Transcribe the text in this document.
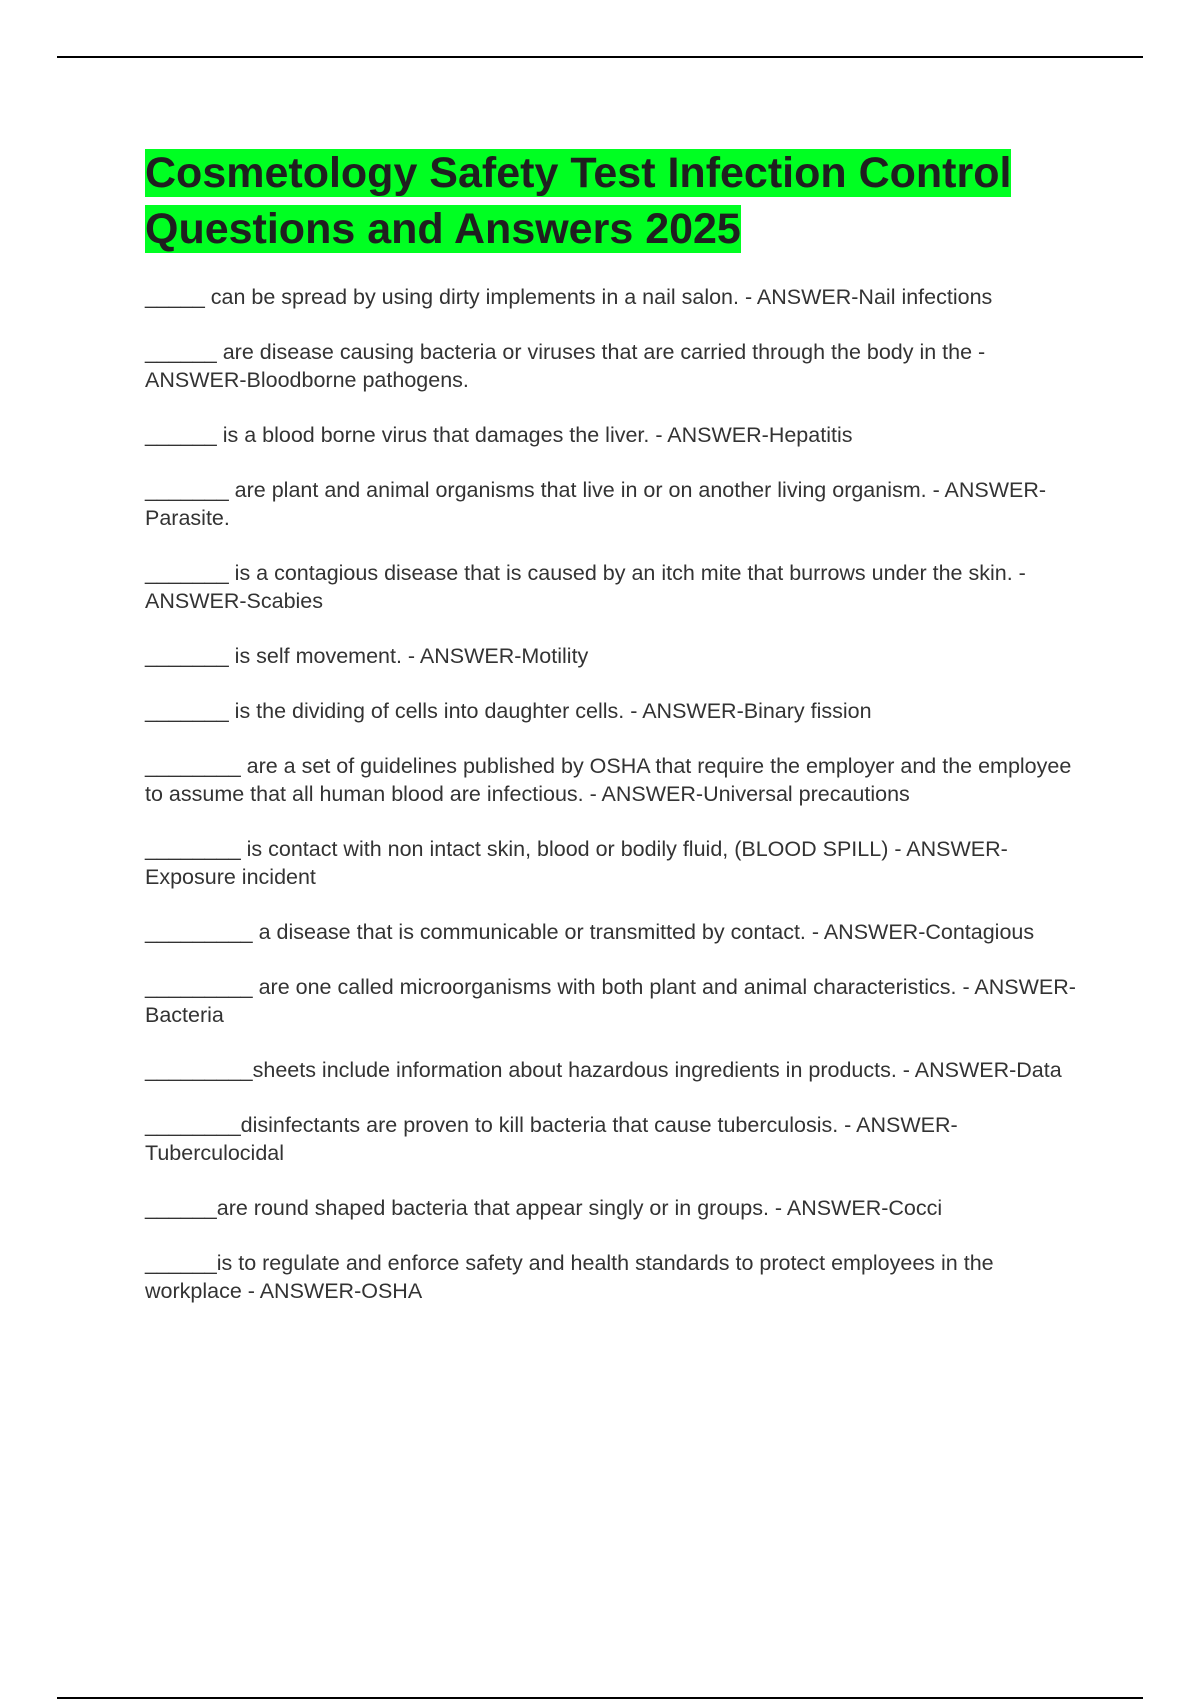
Cosmetology Safety Test Infection Control Questions and Answers 2025

_____ can be spread by using dirty implements in a nail salon. - ANSWER-Nail infections

______ are disease causing bacteria or viruses that are carried through the body in the - ANSWER-Bloodborne pathogens.

______ is a blood borne virus that damages the liver. - ANSWER-Hepatitis

_______ are plant and animal organisms that live in or on another living organism. - ANSWER-Parasite.

_______ is a contagious disease that is caused by an itch mite that burrows under the skin. - ANSWER-Scabies

_______ is self movement. - ANSWER-Motility

_______ is the dividing of cells into daughter cells. - ANSWER-Binary fission

________ are a set of guidelines published by OSHA that require the employer and the employee to assume that all human blood are infectious. - ANSWER-Universal precautions

________ is contact with non intact skin, blood or bodily fluid, (BLOOD SPILL) - ANSWER-Exposure incident

_________ a disease that is communicable or transmitted by contact. - ANSWER-Contagious

_________ are one called microorganisms with both plant and animal characteristics. - ANSWER-Bacteria

_________sheets include information about hazardous ingredients in products. - ANSWER-Data

________disinfectants are proven to kill bacteria that cause tuberculosis. - ANSWER-Tuberculocidal

______are round shaped bacteria that appear singly or in groups. - ANSWER-Cocci

______is to regulate and enforce safety and health standards to protect employees in the workplace - ANSWER-OSHA
